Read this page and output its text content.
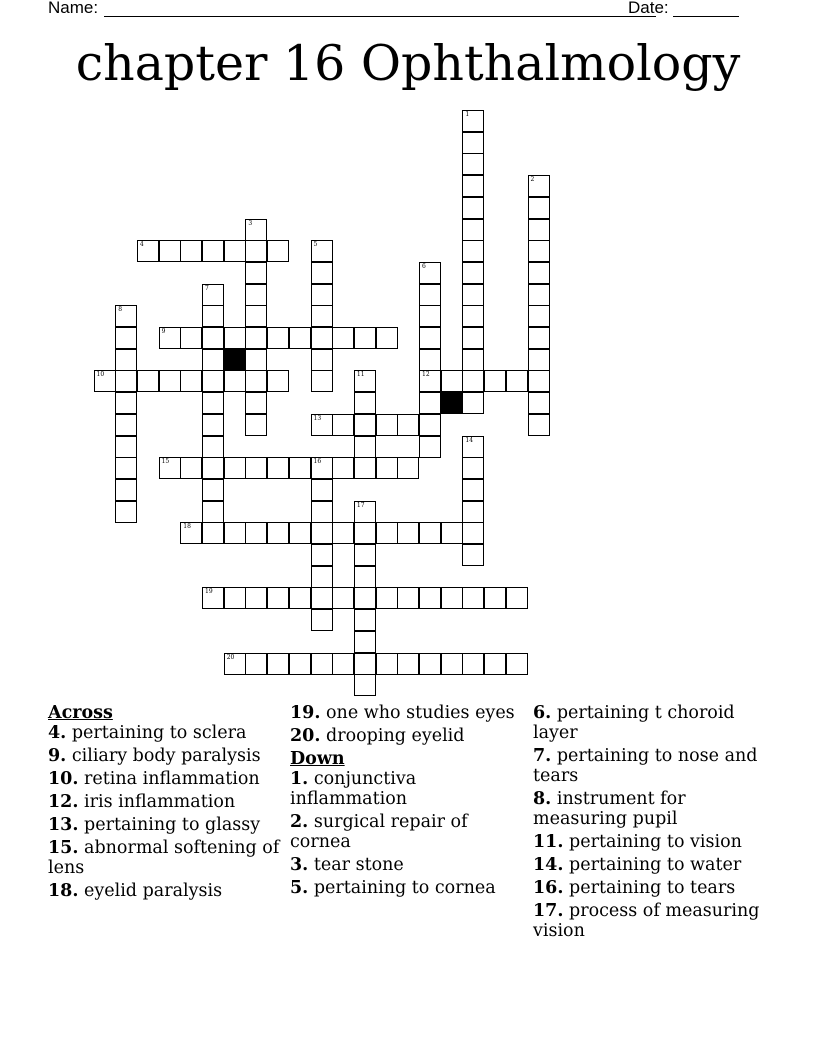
Name:	Date:
chapter 16 Ophthalmology
4
9
10	12
13
15	16
18
19
20
1
2
3
5
6
7
8
11
14
17
Across
4. pertaining to sclera
9. ciliary body paralysis
10. retina inflammation
12. iris inflammation
13. pertaining to glassy
15. abnormal softening of lens
18. eyelid paralysis
19. one who studies eyes
20. drooping eyelid
Down
1. conjunctiva inflammation
2. surgical repair of cornea
3. tear stone
5. pertaining to cornea
6. pertaining t choroid layer
7. pertaining to nose and tears
8. instrument for measuring pupil
11. pertaining to vision
14. pertaining to water
16. pertaining to tears
17. process of measuring vision
